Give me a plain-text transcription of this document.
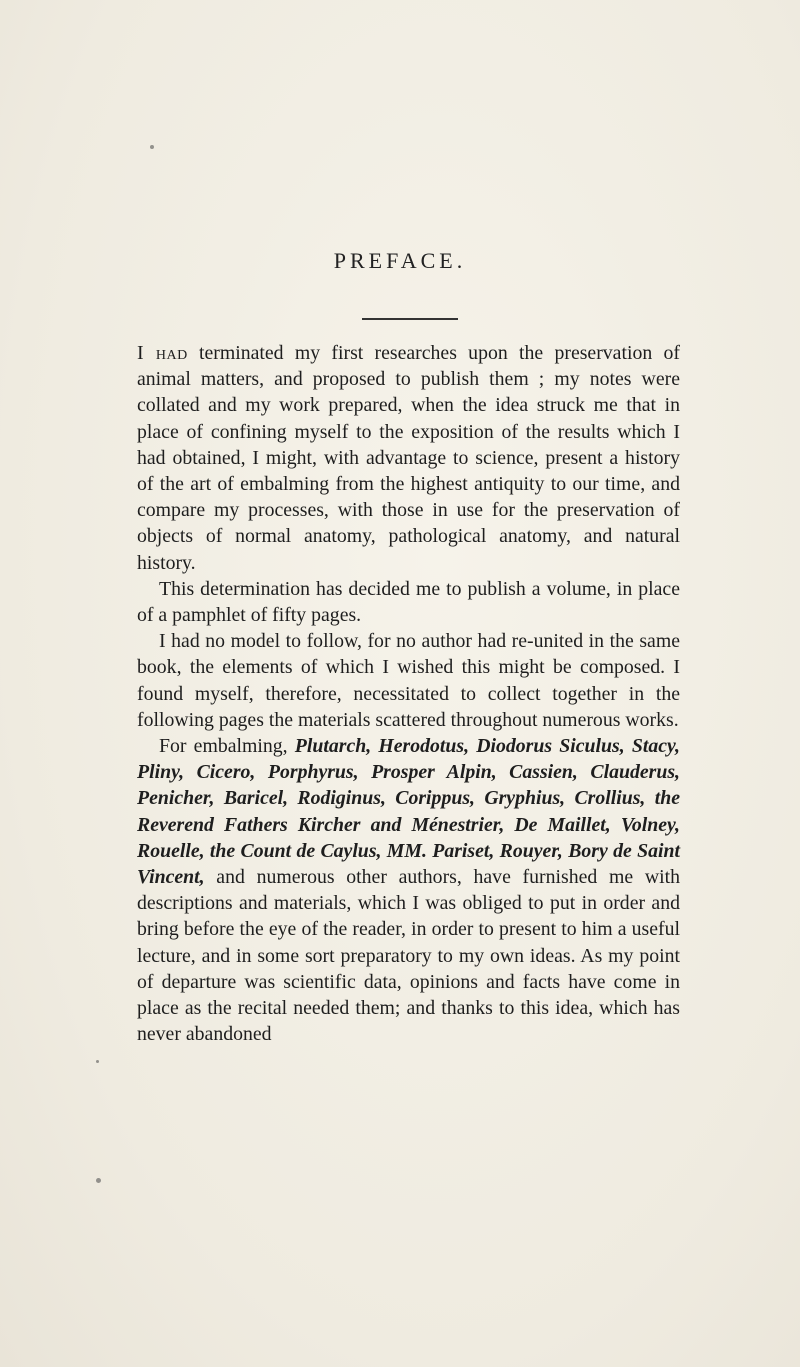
PREFACE.

I had terminated my first researches upon the preservation of animal matters, and proposed to publish them ; my notes were collated and my work prepared, when the idea struck me that in place of confining myself to the exposition of the results which I had obtained, I might, with advantage to science, present a history of the art of embalming from the highest antiquity to our time, and compare my processes, with those in use for the preservation of objects of normal anatomy, pathological anatomy, and natural history.

This determination has decided me to publish a volume, in place of a pamphlet of fifty pages.

I had no model to follow, for no author had re-united in the same book, the elements of which I wished this might be composed. I found myself, therefore, necessitated to collect together in the following pages the materials scattered throughout numerous works.

For embalming, Plutarch, Herodotus, Diodorus Siculus, Stacy, Pliny, Cicero, Porphyrus, Prosper Alpin, Cassien, Clauderus, Penicher, Baricel, Rodiginus, Corippus, Gryphius, Crollius, the Reverend Fathers Kircher and Ménestrier, De Maillet, Volney, Rouelle, the Count de Caylus, MM. Pariset, Rouyer, Bory de Saint Vincent, and numerous other authors, have furnished me with descriptions and materials, which I was obliged to put in order and bring before the eye of the reader, in order to present to him a useful lecture, and in some sort preparatory to my own ideas. As my point of departure was scientific data, opinions and facts have come in place as the recital needed them; and thanks to this idea, which has never abandoned
